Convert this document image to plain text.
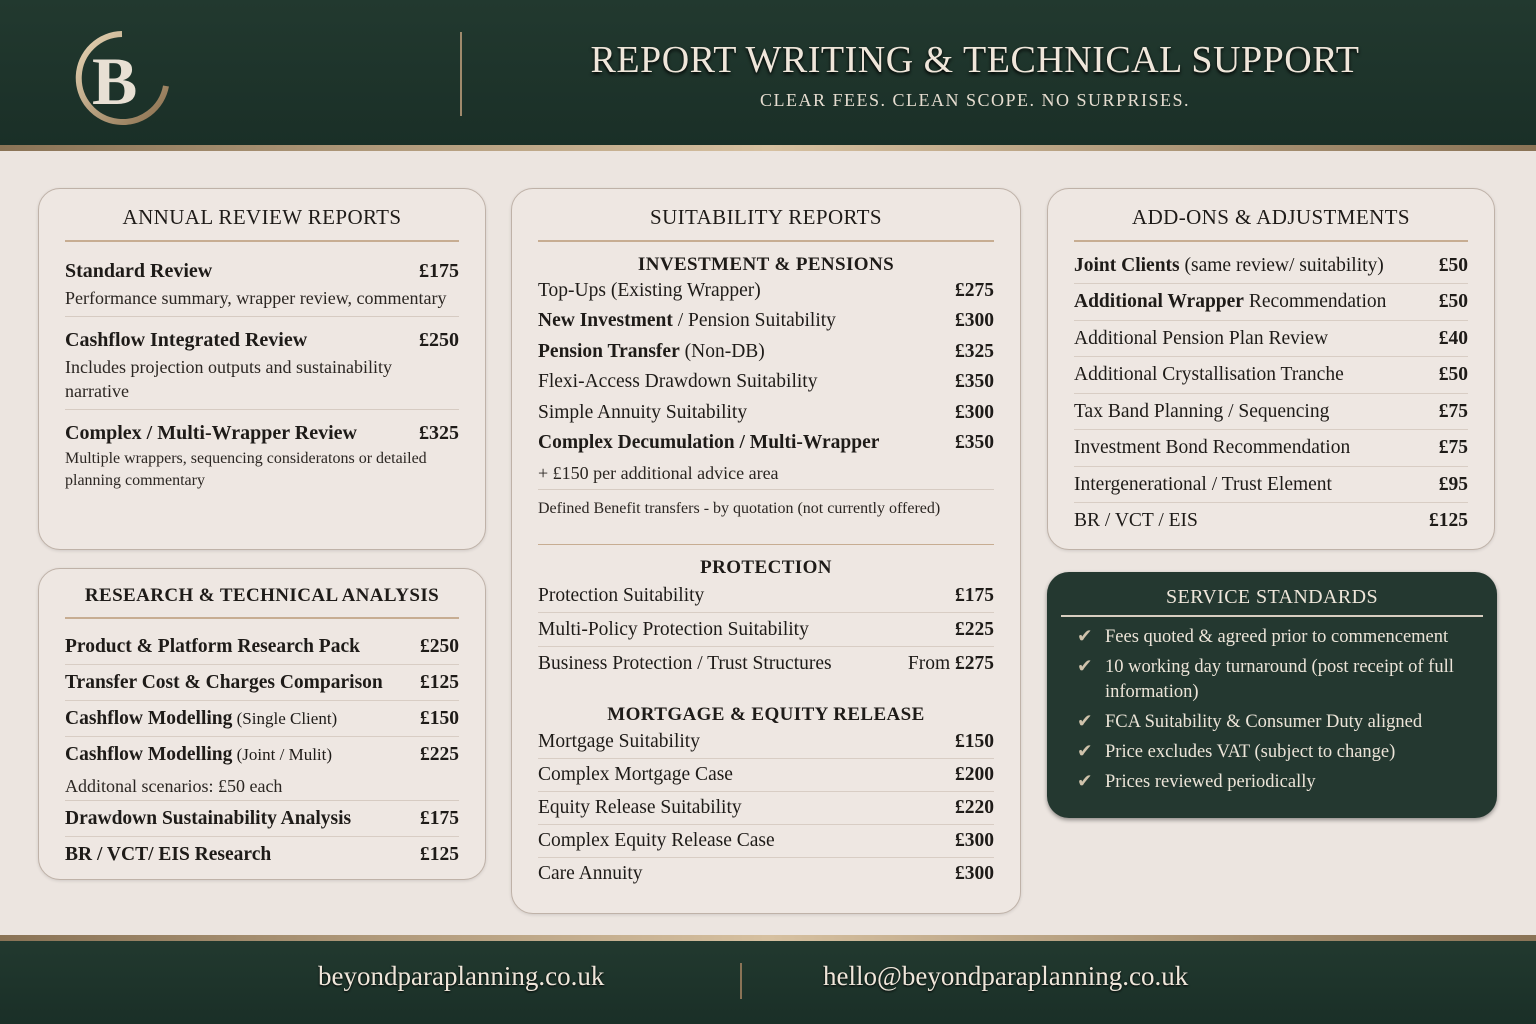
B	REPORT WRITING & TECHNICAL SUPPORT
CLEAR FEES. CLEAN SCOPE. NO SURPRISES.
ANNUAL REVIEW REPORTS
Standard Review	£175
Performance summary, wrapper review, commentary
Cashflow Integrated Review	£250
Includes projection outputs and sustainability narrative
Complex / Multi-Wrapper Review	£325
Multiple wrappers, sequencing consideratons or detailed planning commentary
RESEARCH & TECHNICAL ANALYSIS
Product & Platform Research Pack	£250
Transfer Cost & Charges Comparison £125
Cashflow Modelling (Single Client)	£150
Cashflow Modelling (Joint / Mulit)	£225
Additonal scenarios: £50 each
Drawdown Sustainability Analysis	£175
BR / VCT/ EIS Research	£125
SUITABILITY REPORTS
INVESTMENT & PENSIONS
Top-Ups (Existing Wrapper)	£275
New Investment / Pension Suitability	£300
Pension Transfer (Non-DB)	£325
Flexi-Access Drawdown Suitability	£350
Simple Annuity Suitability	£300
Complex Decumulation / Multi-Wrapper	£350
+ £150 per additional advice area
Defined Benefit transfers - by quotation (not currently offered)
PROTECTION
Protection Suitability	£175
Multi-Policy Protection Suitability	£225
Business Protection / Trust Structures	From £275
MORTGAGE & EQUITY RELEASE
Mortgage Suitability	£150
Complex Mortgage Case	£200
Equity Release Suitability	£220
Complex Equity Release Case	£300
Care Annuity	£300
ADD-ONS & ADJUSTMENTS
Joint Clients (same review/ suitability)	£50
Additional Wrapper Recommendation	£50
Additional Pension Plan Review	£40
Additional Crystallisation Tranche	£50
Tax Band Planning / Sequencing	£75
Investment Bond Recommendation	£75
Intergenerational / Trust Element	£95
BR / VCT / EIS	£125
SERVICE STANDARDS
✔ Fees quoted & agreed prior to commencement
✔ 10 working day turnaround (post receipt of full information)
✔ FCA Suitability & Consumer Duty aligned
✔ Price excludes VAT (subject to change)
✔ Prices reviewed periodically
beyondparaplanning.co.uk	hello@beyondparaplanning.co.uk
